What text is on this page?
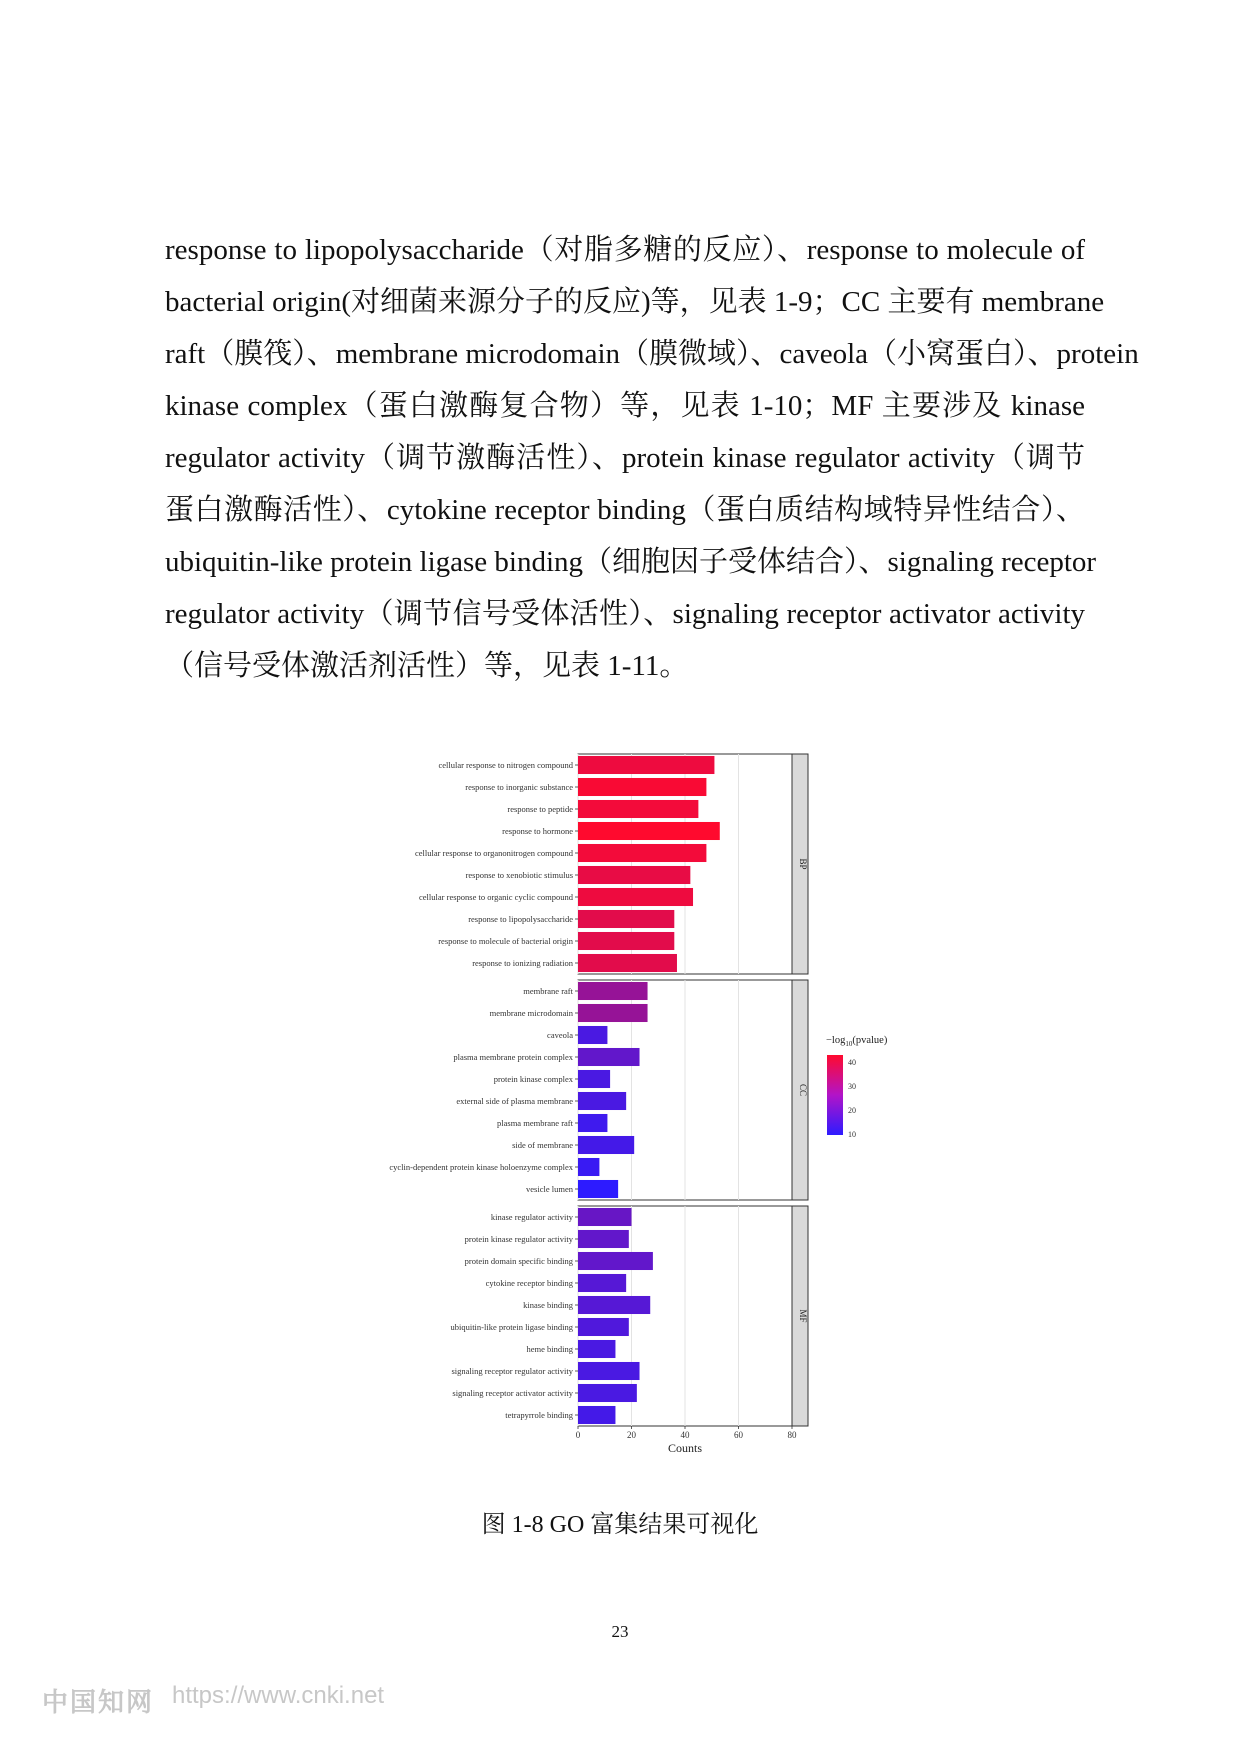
response to lipopolysaccharide（对脂多糖的反应）、response to molecule of
bacterial origin(对细菌来源分子的反应)等，见表 1-9；CC 主要有 membrane
raft（膜筏）、membrane microdomain（膜微域）、caveola（小窝蛋白）、protein
kinase complex（蛋白激酶复合物）等，见表 1-10；MF 主要涉及 kinase
regulator activity（调节激酶活性）、protein kinase regulator activity（调节
蛋白激酶活性）、cytokine receptor binding（蛋白质结构域特异性结合）、
ubiquitin-like protein ligase binding（细胞因子受体结合）、signaling receptor
regulator activity（调节信号受体活性）、signaling receptor activator activity
（信号受体激活剂活性）等，见表 1-11。
cellular response to nitrogen compound
response to inorganic substance
response to peptide
response to hormone
cellular response to organonitrogen compound
response to xenobiotic stimulus
cellular response to organic cyclic compound
response to lipopolysaccharide
response to molecule of bacterial origin
response to ionizing radiation
BP
membrane raft
membrane microdomain
caveola
plasma membrane protein complex
protein kinase complex
external side of plasma membrane
plasma membrane raft
side of membrane
cyclin-dependent protein kinase holoenzyme complex
vesicle lumen
CC
kinase regulator activity
protein kinase regulator activity
protein domain specific binding
cytokine receptor binding
kinase binding
ubiquitin-like protein ligase binding
heme binding
signaling receptor regulator activity
signaling receptor activator activity
tetrapyrrole binding
MF
0	20	40	60	80
Counts
$-\log_{10}(pvalue)$
40
30
20
10
图 1-8 GO 富集结果可视化
23
中国知网 https://www.cnki.net
